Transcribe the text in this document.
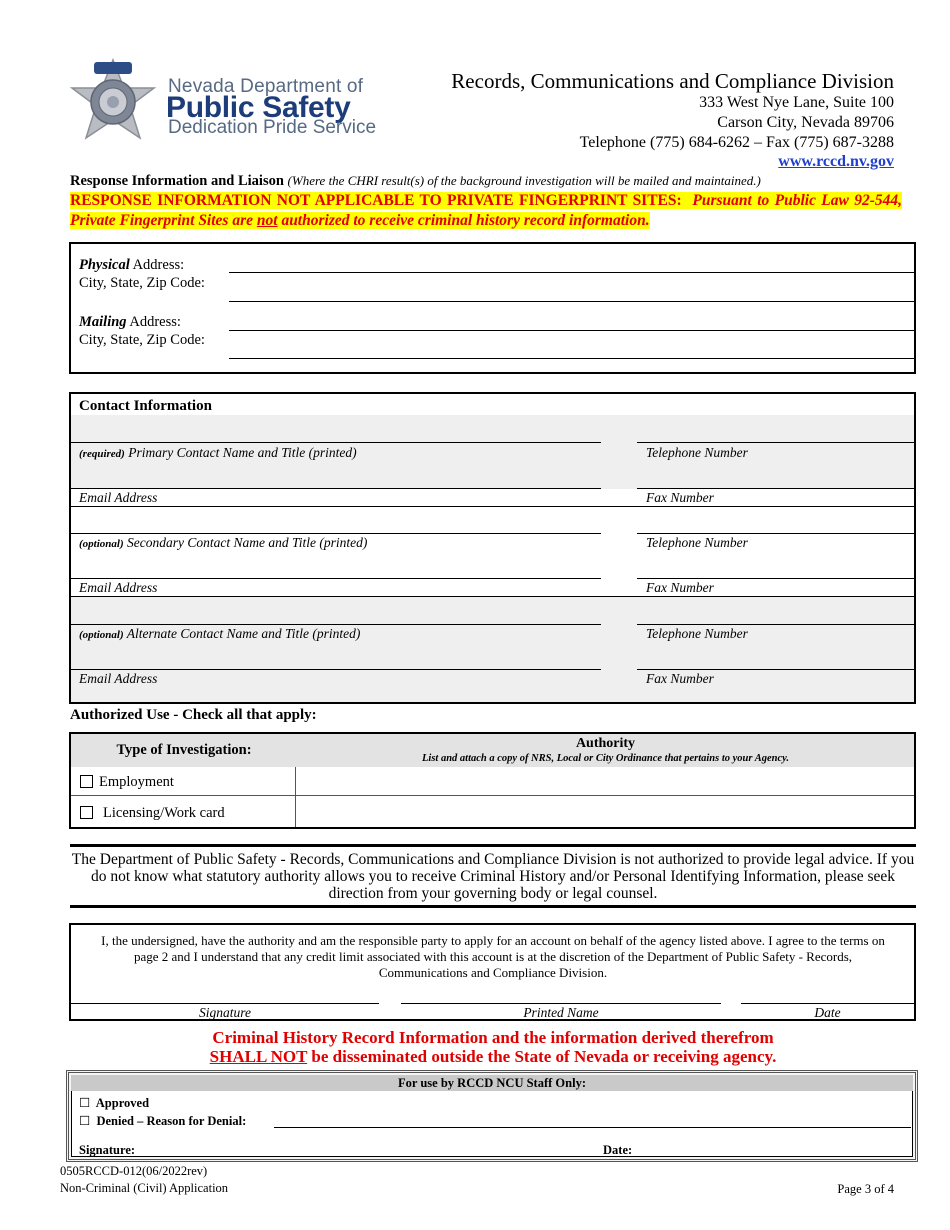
Nevada Department of
Public Safety
Dedication Pride Service
Records, Communications and Compliance Division
333 West Nye Lane, Suite 100
Carson City, Nevada 89706
Telephone (775) 684-6262 – Fax (775) 687-3288
www.rccd.nv.gov
Response Information and Liaison (Where the CHRI result(s) of the background investigation will be mailed and maintained.)
RESPONSE INFORMATION NOT APPLICABLE TO PRIVATE FINGERPRINT SITES: Pursuant to Public Law 92-544, Private Fingerprint Sites are not authorized to receive criminal history record information.
Physical Address:
City, State, Zip Code:
Mailing Address:
City, State, Zip Code:
Contact Information
(required) Primary Contact Name and Title (printed)	Telephone Number
Email Address	Fax Number
(optional) Secondary Contact Name and Title (printed)	Telephone Number
Email Address	Fax Number
(optional) Alternate Contact Name and Title (printed)	Telephone Number
Email Address	Fax Number
Authorized Use - Check all that apply:
Type of Investigation:	Authority
List and attach a copy of NRS, Local or City Ordinance that pertains to your Agency.
Employment
Licensing/Work card
The Department of Public Safety - Records, Communications and Compliance Division is not authorized to provide legal advice. If you do not know what statutory authority allows you to receive Criminal History and/or Personal Identifying Information, please seek direction from your governing body or legal counsel.
I, the undersigned, have the authority and am the responsible party to apply for an account on behalf of the agency listed above. I agree to the terms on page 2 and I understand that any credit limit associated with this account is at the discretion of the Department of Public Safety - Records, Communications and Compliance Division.
Signature	Printed Name	Date
Criminal History Record Information and the information derived therefrom
SHALL NOT be disseminated outside the State of Nevada or receiving agency.
For use by RCCD NCU Staff Only:
☐ Approved
☐ Denied – Reason for Denial:
Signature:	Date:
0505RCCD-012(06/2022rev)
Non-Criminal (Civil) Application	Page 3 of 4
